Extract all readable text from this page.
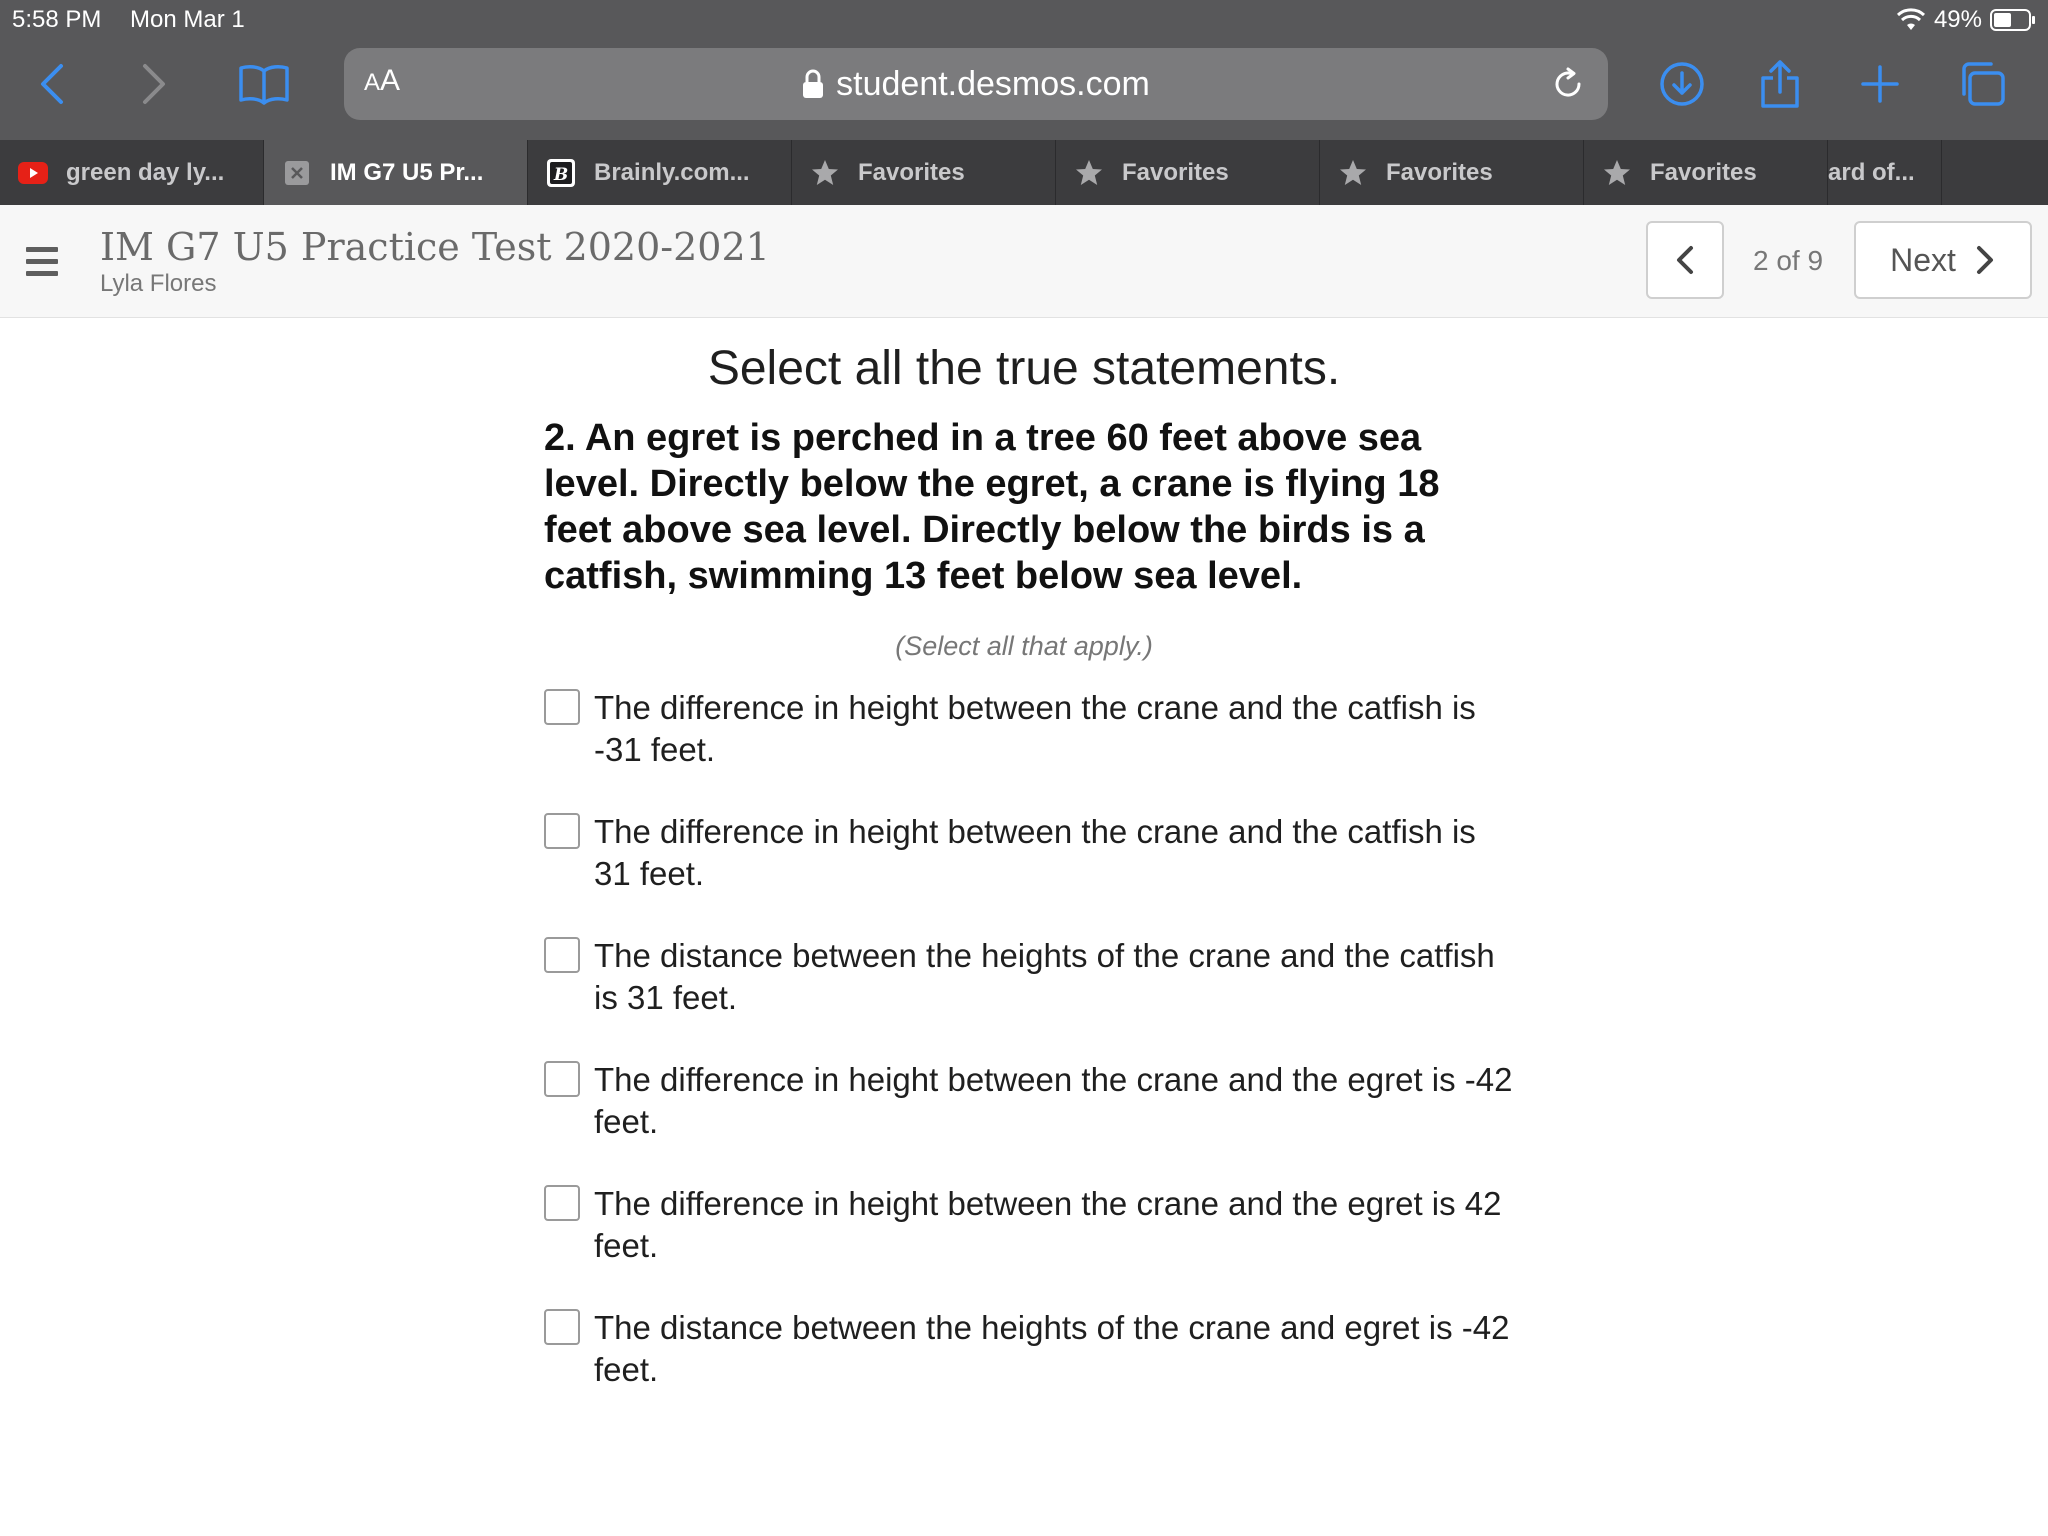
5:58 PM Mon Mar 1	49%
AA	student.desmos.com
green day ly...	IM G7 U5 Pr...	B Brainly.com...	Favorites	Favorites	Favorites	Favorites	ard of...
IM G7 U5 Practice Test 2020-2021
Lyla Flores
2 of 9	Next
Select all the true statements.
2. An egret is perched in a tree 60 feet above sea level. Directly below the egret, a crane is flying 18 feet above sea level. Directly below the birds is a catfish, swimming 13 feet below sea level.
(Select all that apply.)
The difference in height between the crane and the catfish is -31 feet.
The difference in height between the crane and the catfish is 31 feet.
The distance between the heights of the crane and the catfish is 31 feet.
The difference in height between the crane and the egret is -42 feet.
The difference in height between the crane and the egret is 42 feet.
The distance between the heights of the crane and egret is -42 feet.
